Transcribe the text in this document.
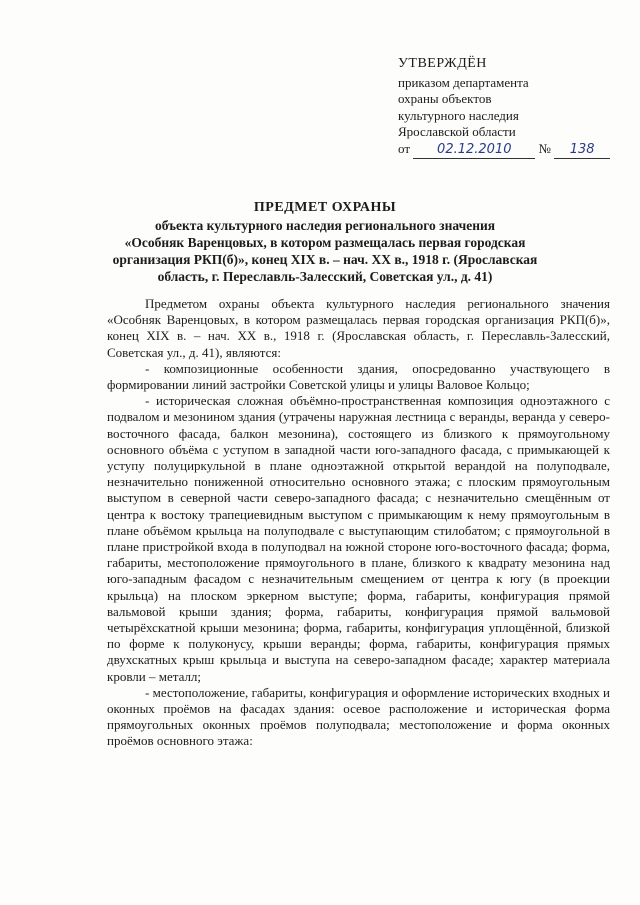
УТВЕРЖДЁН
приказом департамента
охраны объектов
культурного наследия
Ярославской области
от 02.12.2010 № 138
ПРЕДМЕТ ОХРАНЫ
объекта культурного наследия регионального значения
«Особняк Варенцовых, в котором размещалась первая городская
организация РКП(б)», конец XIX в. – нач. XX в., 1918 г. (Ярославская
область, г. Переславль-Залесский, Советская ул., д. 41)

Предметом охраны объекта культурного наследия регионального значения «Особняк Варенцовых, в котором размещалась первая городская организация РКП(б)», конец XIX в. – нач. XX в., 1918 г. (Ярославская область, г. Переславль-Залесский, Советская ул., д. 41), являются:

- композиционные особенности здания, опосредованно участвующего в формировании линий застройки Советской улицы и улицы Валовое Кольцо;

- историческая сложная объёмно-пространственная композиция одноэтажного с подвалом и мезонином здания (утрачены наружная лестница с веранды, веранда у северо-восточного фасада, балкон мезонина), состоящего из близкого к прямоугольному основного объёма с уступом в западной части юго-западного фасада, с примыкающей к уступу полуциркульной в плане одноэтажной открытой верандой на полуподвале, незначительно пониженной относительно основного этажа; с плоским прямоугольным выступом в северной части северо-западного фасада; с незначительно смещённым от центра к востоку трапециевидным выступом с примыкающим к нему прямоугольным в плане объёмом крыльца на полуподвале с выступающим стилобатом; с прямоугольной в плане пристройкой входа в полуподвал на южной стороне юго-восточного фасада; форма, габариты, местоположение прямоугольного в плане, близкого к квадрату мезонина над юго-западным фасадом с незначительным смещением от центра к югу (в проекции крыльца) на плоском эркерном выступе; форма, габариты, конфигурация прямой вальмовой крыши здания; форма, габариты, конфигурация прямой вальмовой четырёхскатной крыши мезонина; форма, габариты, конфигурация уплощённой, близкой по форме к полуконусу, крыши веранды; форма, габариты, конфигурация прямых двухскатных крыш крыльца и выступа на северо-западном фасаде; характер материала кровли – металл;

- местоположение, габариты, конфигурация и оформление исторических входных и оконных проёмов на фасадах здания: осевое расположение и историческая форма прямоугольных оконных проёмов полуподвала; местоположение и форма оконных проёмов основного этажа:
